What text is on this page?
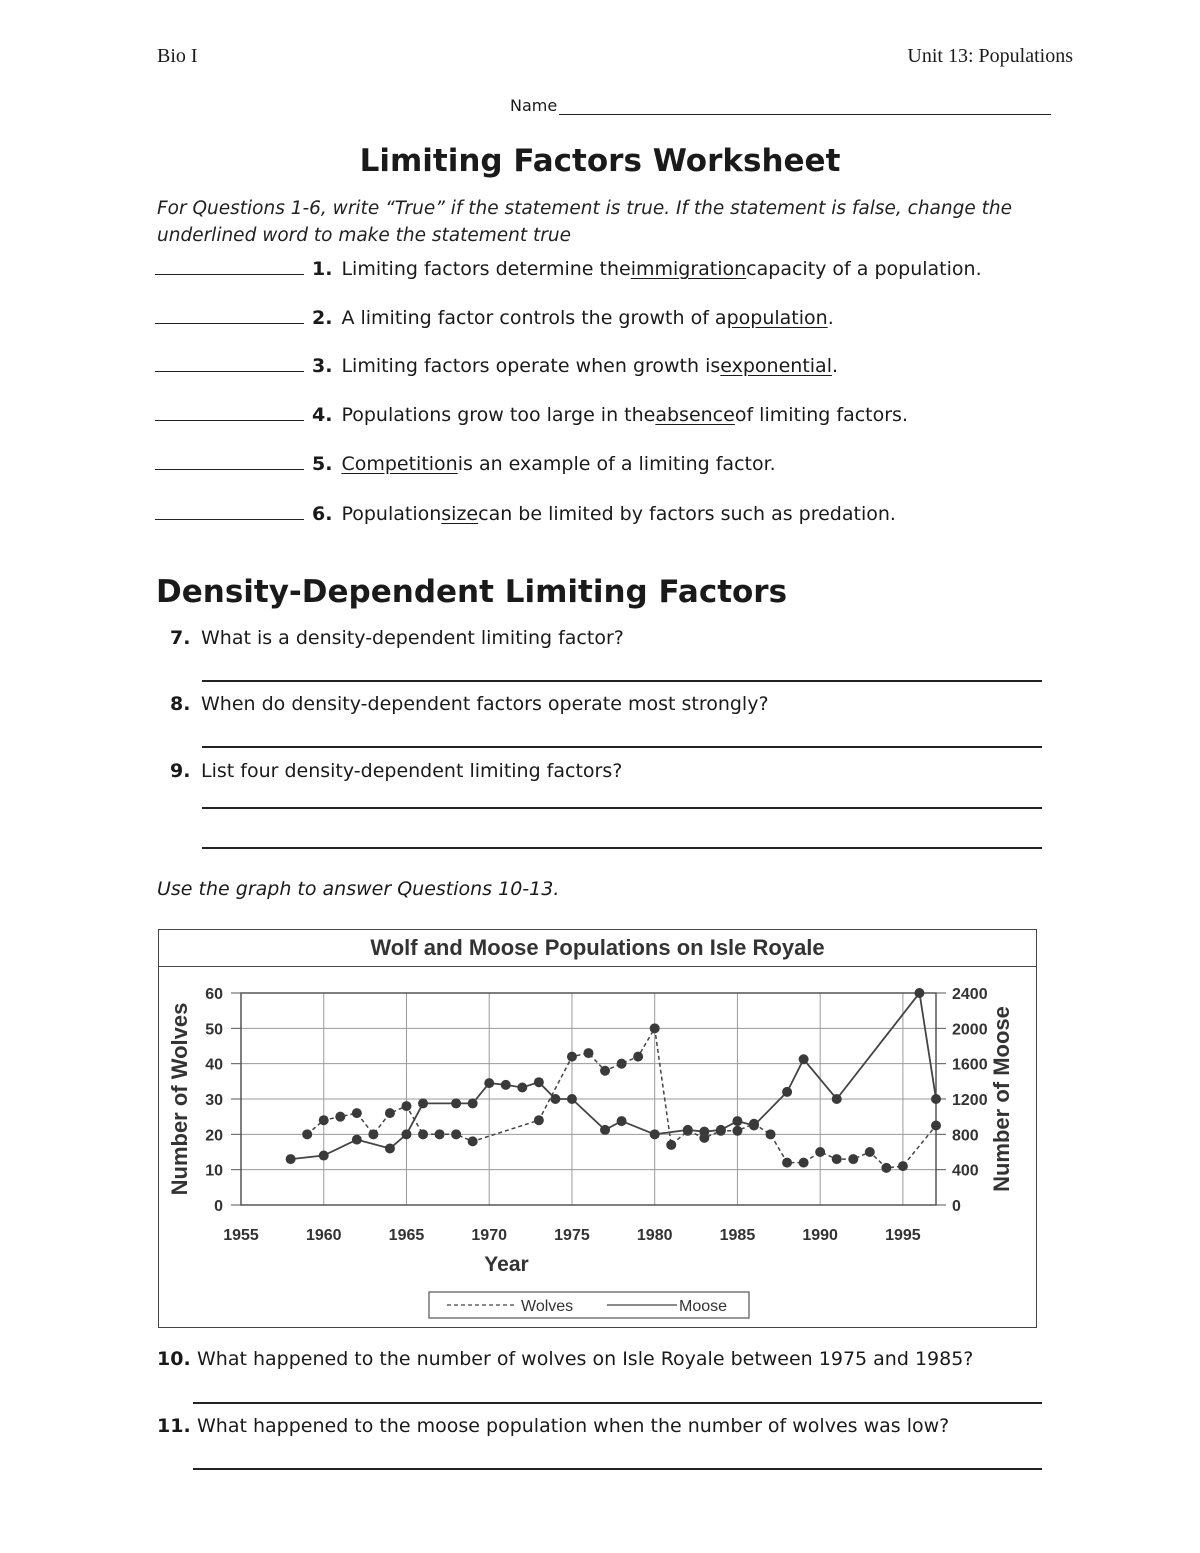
Bio I	Unit 13: Populations
Name
Limiting Factors Worksheet
For Questions 1-6, write “True” if the statement is true. If the statement is false, change the underlined word to make the statement true
1. Limiting factors determine the immigration capacity of a population.
2. A limiting factor controls the growth of a population .
3. Limiting factors operate when growth is exponential .
4. Populations grow too large in the absence of limiting factors.
5. Competition is an example of a limiting factor.
6. Population size can be limited by factors such as predation.
Density-Dependent Limiting Factors
7. What is a density-dependent limiting factor?
8. When do density-dependent factors operate most strongly?
9. List four density-dependent limiting factors?
Use the graph to answer Questions 10-13.
Wolf and Moose Populations on Isle Royale
1955	1960	1965	1970	1975	1980	1985	1990	1995
0
10
20
30
40
50
60
0
400
800
1200
1600
2000
2400
Year
Number of Wolves	Number of Moose
Wolves	Moose
10. What happened to the number of wolves on Isle Royale between 1975 and 1985?
11. What happened to the moose population when the number of wolves was low?
